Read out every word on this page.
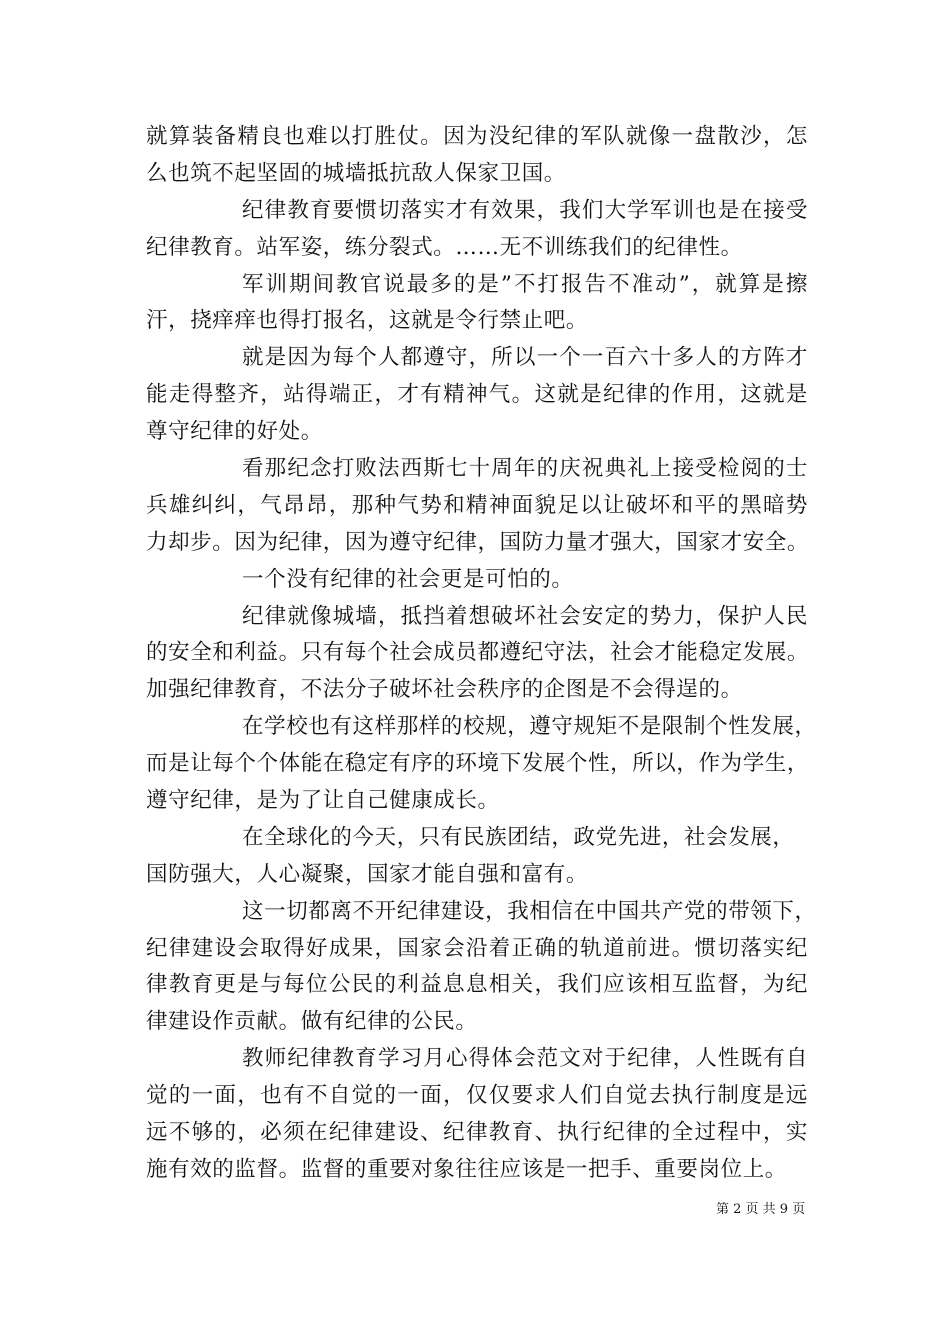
就算装备精良也难以打胜仗。因为没纪律的军队就像一盘散沙，怎
么也筑不起坚固的城墙抵抗敌人保家卫国。
纪律教育要惯切落实才有效果，我们大学军训也是在接受
纪律教育。站军姿，练分裂式。……无不训练我们的纪律性。
军训期间教官说最多的是”不打报告不准动”，就算是擦
汗，挠痒痒也得打报名，这就是令行禁止吧。
就是因为每个人都遵守，所以一个一百六十多人的方阵才
能走得整齐，站得端正，才有精神气。这就是纪律的作用，这就是
尊守纪律的好处。
看那纪念打败法西斯七十周年的庆祝典礼上接受检阅的士
兵雄纠纠，气昂昂，那种气势和精神面貌足以让破坏和平的黑暗势
力却步。因为纪律，因为遵守纪律，国防力量才强大，国家才安全。
一个没有纪律的社会更是可怕的。
纪律就像城墙，抵挡着想破坏社会安定的势力，保护人民
的安全和利益。只有每个社会成员都遵纪守法，社会才能稳定发展。
加强纪律教育，不法分子破坏社会秩序的企图是不会得逞的。
在学校也有这样那样的校规，遵守规矩不是限制个性发展，
而是让每个个体能在稳定有序的环境下发展个性，所以，作为学生，
遵守纪律，是为了让自己健康成长。
在全球化的今天，只有民族团结，政党先进，社会发展，
国防强大，人心凝聚，国家才能自强和富有。
这一切都离不开纪律建设，我相信在中国共产党的带领下，
纪律建设会取得好成果，国家会沿着正确的轨道前进。惯切落实纪
律教育更是与每位公民的利益息息相关，我们应该相互监督，为纪
律建设作贡献。做有纪律的公民。
教师纪律教育学习月心得体会范文对于纪律，人性既有自
觉的一面，也有不自觉的一面，仅仅要求人们自觉去执行制度是远
远不够的，必须在纪律建设、纪律教育、执行纪律的全过程中，实
施有效的监督。监督的重要对象往往应该是一把手、重要岗位上。
第 2 页 共 9 页
